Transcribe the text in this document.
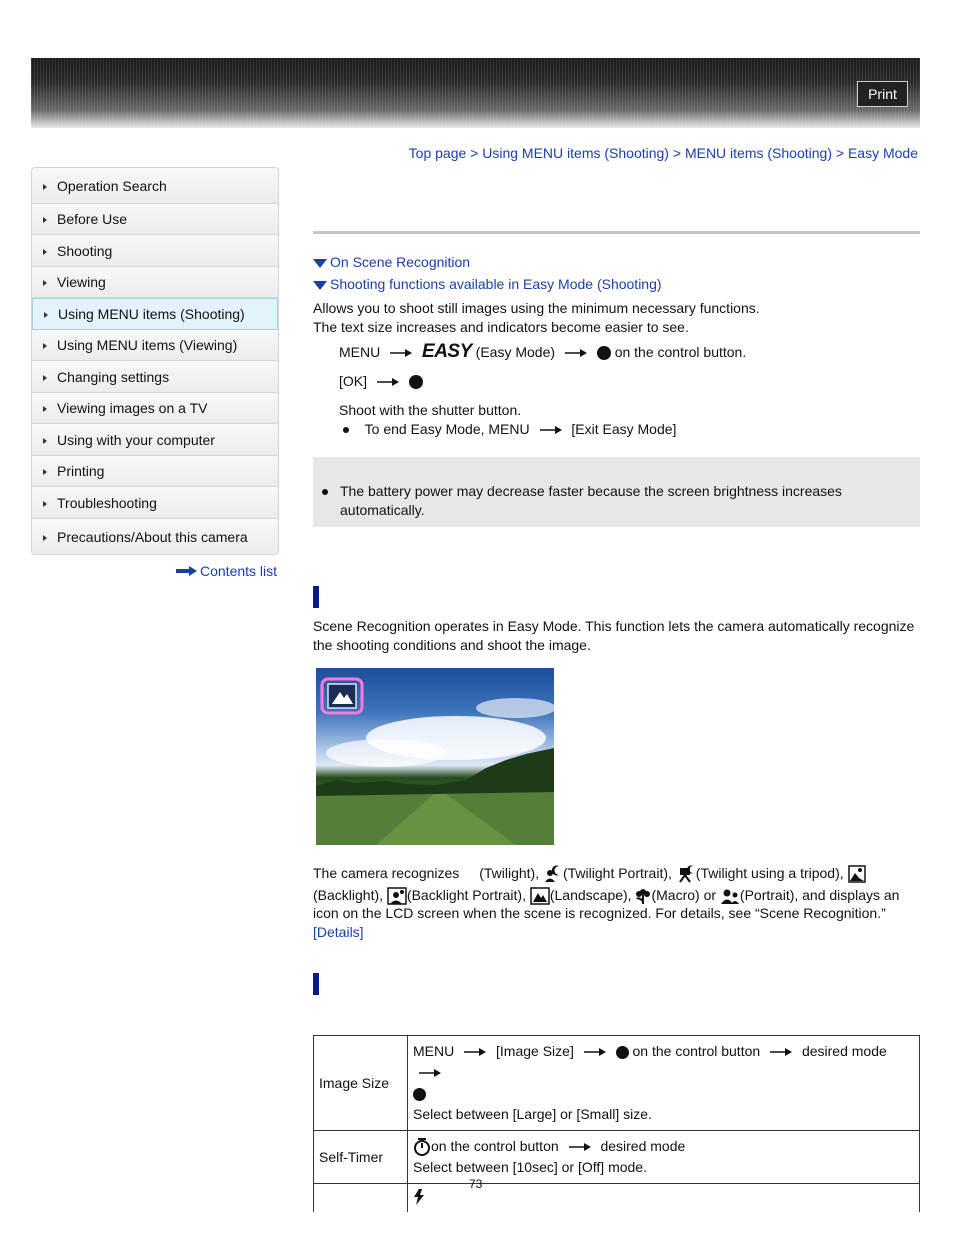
Print
Top page > Using MENU items (Shooting) > MENU items (Shooting) > Easy Mode
Operation Search
Before Use
Shooting
Viewing
Using MENU items (Shooting)
Using MENU items (Viewing)
Changing settings
Viewing images on a TV
Using with your computer
Printing
Troubleshooting
Precautions/About this camera
Contents list
On Scene Recognition
Shooting functions available in Easy Mode (Shooting)
Allows you to shoot still images using the minimum necessary functions.
The text size increases and indicators become easier to see.
MENU EASY (Easy Mode)	on the control button.
[OK]
Shoot with the shutter button.
To end Easy Mode, MENU	[Exit Easy Mode]
The battery power may decrease faster because the screen brightness increases
automatically.
Scene Recognition operates in Easy Mode. This function lets the camera automatically recognize
the shooting conditions and shoot the image.
The camera recognizes (Twilight), (Twilight Portrait), (Twilight using a tripod),
(Backlight), (Backlight Portrait), (Landscape), (Macro) or (Portrait), and displays an
icon on the LCD screen when the scene is recognized. For details, see “Scene Recognition.”
[Details]
Image Size	MENU [Image Size] on the control button desired mode

Select between [Large] or [Small] size.
Self-Timer	on the control button desired mode
Select between [10sec] or [Off] mode.

73
